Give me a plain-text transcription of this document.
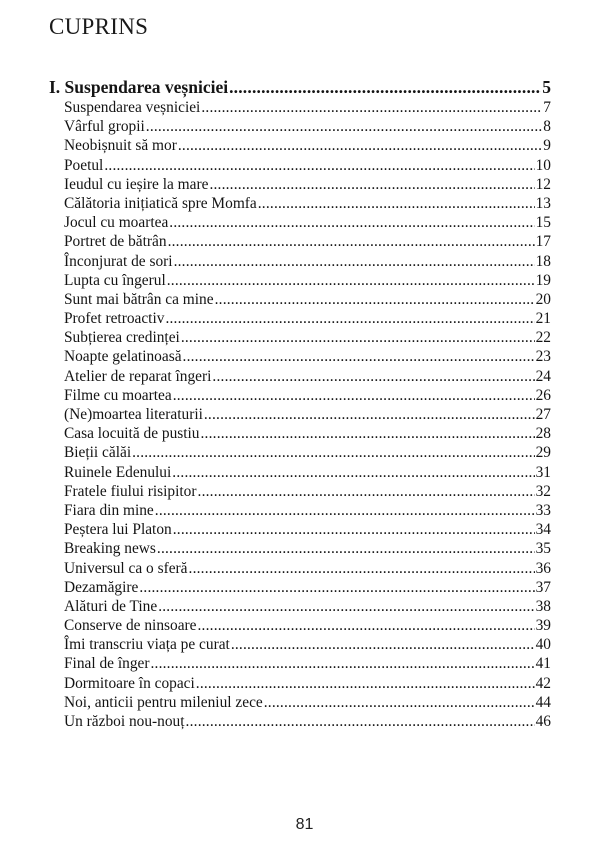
CUPRINS
I. Suspendarea veșniciei .....	5
Suspendarea veșniciei .....	7
Vârful gropii .....	8
Neobișnuit să mor .....	9
Poetul .....	10
Ieudul cu ieșire la mare .....	12
Călătoria inițiatică spre Momfa .....	13
Jocul cu moartea .....	15
Portret de bătrân .....	17
Înconjurat de sori .....	18
Lupta cu îngerul .....	19
Sunt mai bătrân ca mine .....	20
Profet retroactiv .....	21
Subțierea credinței .....	22
Noapte gelatinoasă .....	23
Atelier de reparat îngeri .....	24
Filme cu moartea .....	26
(Ne)moartea literaturii .....	27
Casa locuită de pustiu .....	28
Bieții călăi .....	29
Ruinele Edenului .....	31
Fratele fiului risipitor .....	32
Fiara din mine .....	33
Peștera lui Platon .....	34
Breaking news .....	35
Universul ca o sferă .....	36
Dezamăgire .....	37
Alături de Tine .....	38
Conserve de ninsoare .....	39
Îmi transcriu viața pe curat .....	40
Final de înger .....	41
Dormitoare în copaci .....	42
Noi, anticii pentru mileniul zece .....	44
Un război nou-nouț .....	46
81
